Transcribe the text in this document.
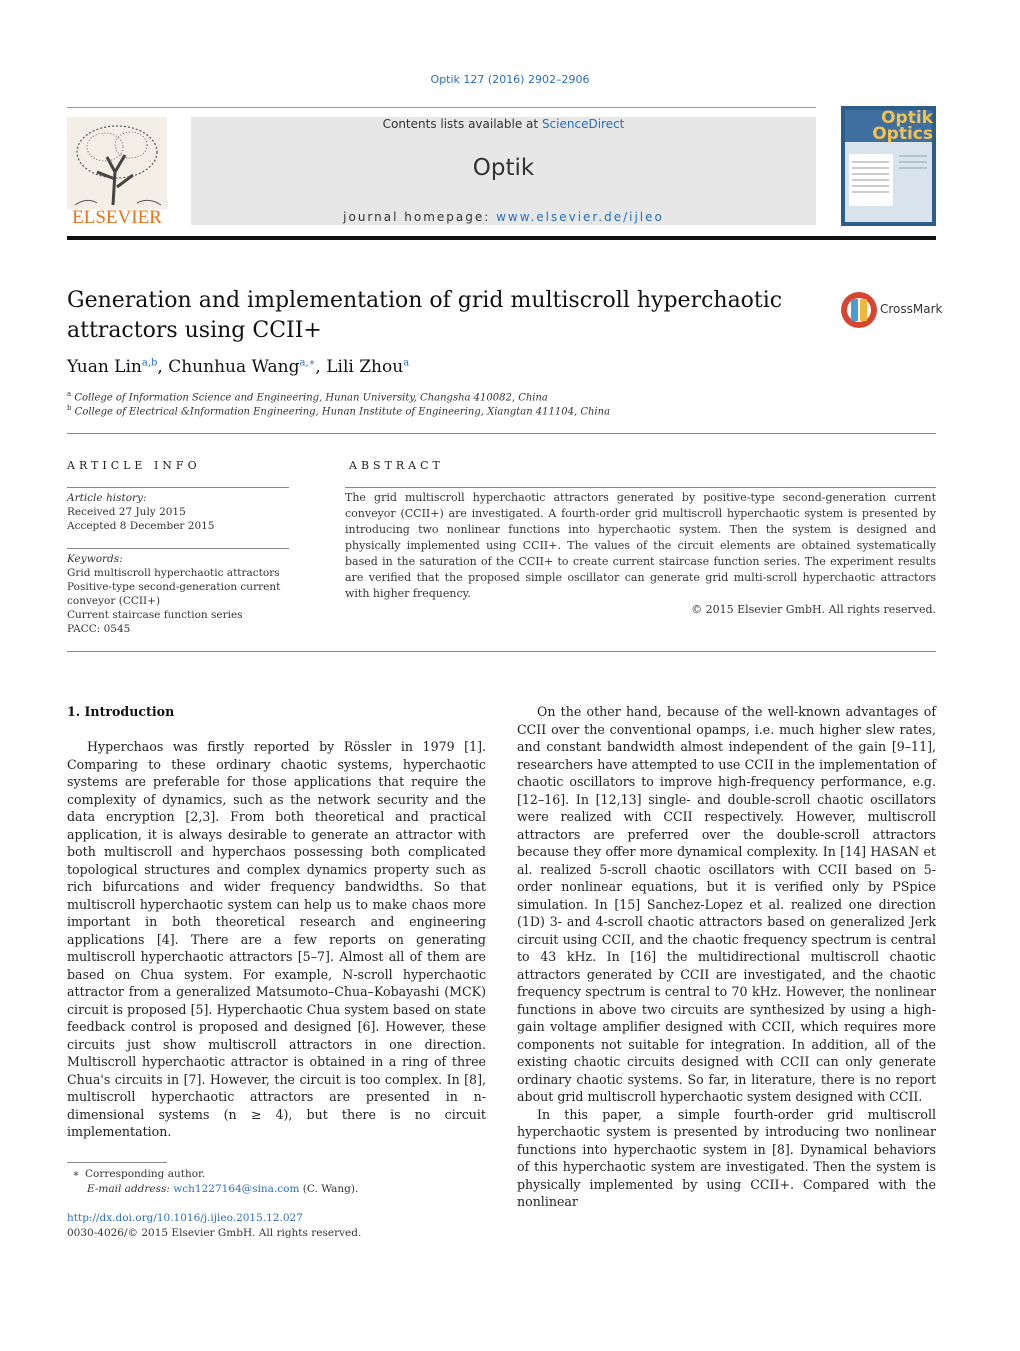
Optik 127 (2016) 2902–2906
ELSEVIER
Contents lists available at ScienceDirect
Optik
journal homepage: www.elsevier.de/ijleo
Optik Optics
Generation and implementation of grid multiscroll hyperchaotic attractors using CCII+
CrossMark
Yuan Lin$^{a,b}$, Chunhua Wang$^{a,∗}$, Lili Zhou$^a$
$^a$ College of Information Science and Engineering, Hunan University, Changsha 410082, China
$^b$ College of Electrical &Information Engineering, Hunan Institute of Engineering, Xiangtan 411104, China
ARTICLE INFO
Article history:
Received 27 July 2015
Accepted 8 December 2015
Keywords:
Grid multiscroll hyperchaotic attractors
Positive-type second-generation current
conveyor (CCII+)
Current staircase function series
PACC: 0545
ABSTRACT
The grid multiscroll hyperchaotic attractors generated by positive-type second-generation current conveyor (CCII+) are investigated. A fourth-order grid multiscroll hyperchaotic system is presented by introducing two nonlinear functions into hyperchaotic system. Then the system is designed and physically implemented using CCII+. The values of the circuit elements are obtained systematically based in the saturation of the CCII+ to create current staircase function series. The experiment results are verified that the proposed simple oscillator can generate grid multi-scroll hyperchaotic attractors with higher frequency.
© 2015 Elsevier GmbH. All rights reserved.
1. Introduction

Hyperchaos was firstly reported by Rössler in 1979 [1]. Comparing to these ordinary chaotic systems, hyperchaotic systems are preferable for those applications that require the complexity of dynamics, such as the network security and the data encryption [2,3]. From both theoretical and practical application, it is always desirable to generate an attractor with both multiscroll and hyperchaos possessing both complicated topological structures and complex dynamics property such as rich bifurcations and wider frequency bandwidths. So that multiscroll hyperchaotic system can help us to make chaos more important in both theoretical research and engineering applications [4]. There are a few reports on generating multiscroll hyperchaotic attractors [5–7]. Almost all of them are based on Chua system. For example, N-scroll hyperchaotic attractor from a generalized Matsumoto–Chua–Kobayashi (MCK) circuit is proposed [5]. Hyperchaotic Chua system based on state feedback control is proposed and designed [6]. However, these circuits just show multiscroll attractors in one direction. Multiscroll hyperchaotic attractor is obtained in a ring of three Chua's circuits in [7]. However, the circuit is too complex. In [8], multiscroll hyperchaotic attractors are presented in n-dimensional systems (n ≥ 4), but there is no circuit implementation.

On the other hand, because of the well-known advantages of CCII over the conventional opamps, i.e. much higher slew rates, and constant bandwidth almost independent of the gain [9–11], researchers have attempted to use CCII in the implementation of chaotic oscillators to improve high-frequency performance, e.g. [12–16]. In [12,13] single- and double-scroll chaotic oscillators were realized with CCII respectively. However, multiscroll attractors are preferred over the double-scroll attractors because they offer more dynamical complexity. In [14] HASAN et al. realized 5-scroll chaotic oscillators with CCII based on 5-order nonlinear equations, but it is verified only by PSpice simulation. In [15] Sanchez-Lopez et al. realized one direction (1D) 3- and 4-scroll chaotic attractors based on generalized Jerk circuit using CCII, and the chaotic frequency spectrum is central to 43 kHz. In [16] the multidirectional multiscroll chaotic attractors generated by CCII are investigated, and the chaotic frequency spectrum is central to 70 kHz. However, the nonlinear functions in above two circuits are synthesized by using a high-gain voltage amplifier designed with CCII, which requires more components not suitable for integration. In addition, all of the existing chaotic circuits designed with CCII can only generate ordinary chaotic systems. So far, in literature, there is no report about grid multiscroll hyperchaotic system designed with CCII.

In this paper, a simple fourth-order grid multiscroll hyperchaotic system is presented by introducing two nonlinear functions into hyperchaotic system in [8]. Dynamical behaviors of this hyperchaotic system are investigated. Then the system is physically implemented by using CCII+. Compared with the nonlinear

∗ Corresponding author.
E-mail address: wch1227164@sina.com (C. Wang).
http://dx.doi.org/10.1016/j.ijleo.2015.12.027
0030-4026/© 2015 Elsevier GmbH. All rights reserved.
